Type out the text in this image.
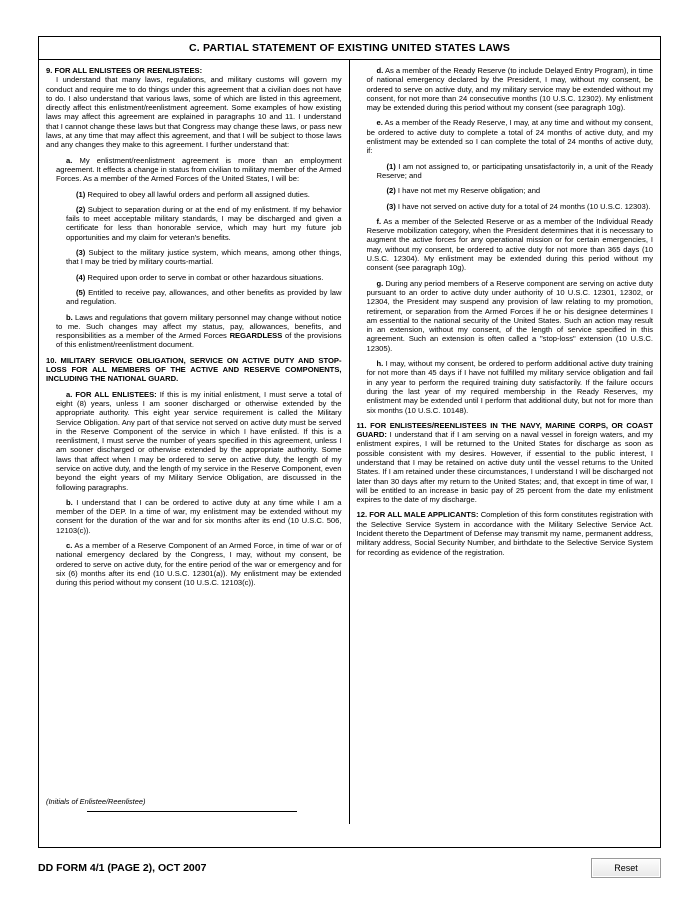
C. PARTIAL STATEMENT OF EXISTING UNITED STATES LAWS

9. FOR ALL ENLISTEES OR REENLISTEES:

I understand that many laws, regulations, and military customs will govern my conduct and require me to do things under this agreement that a civilian does not have to do. I also understand that various laws, some of which are listed in this agreement, directly affect this enlistment/reenlistment agreement. Some examples of how existing laws may affect this agreement are explained in paragraphs 10 and 11. I understand that I cannot change these laws but that Congress may change these laws, or pass new laws, at any time that may affect this agreement, and that I will be subject to those laws and any changes they make to this agreement. I further understand that:

a. My enlistment/reenlistment agreement is more than an employment agreement. It effects a change in status from civilian to military member of the Armed Forces. As a member of the Armed Forces of the United States, I will be:

(1) Required to obey all lawful orders and perform all assigned duties.

(2) Subject to separation during or at the end of my enlistment. If my behavior fails to meet acceptable military standards, I may be discharged and given a certificate for less than honorable service, which may hurt my future job opportunities and my claim for veteran's benefits.

(3) Subject to the military justice system, which means, among other things, that I may be tried by military courts-martial.

(4) Required upon order to serve in combat or other hazardous situations.

(5) Entitled to receive pay, allowances, and other benefits as provided by law and regulation.

b. Laws and regulations that govern military personnel may change without notice to me. Such changes may affect my status, pay, allowances, benefits, and responsibilities as a member of the Armed Forces REGARDLESS of the provisions of this enlistment/reenlistment document.

10. MILITARY SERVICE OBLIGATION, SERVICE ON ACTIVE DUTY AND STOP-LOSS FOR ALL MEMBERS OF THE ACTIVE AND RESERVE COMPONENTS, INCLUDING THE NATIONAL GUARD.

a. FOR ALL ENLISTEES: If this is my initial enlistment, I must serve a total of eight (8) years, unless I am sooner discharged or otherwise extended by the appropriate authority. This eight year service requirement is called the Military Service Obligation. Any part of that service not served on active duty must be served in the Reserve Component of the service in which I have enlisted. If this is a reenlistment, I must serve the number of years specified in this agreement, unless I am sooner discharged or otherwise extended by the appropriate authority. Some laws that affect when I may be ordered to serve on active duty, the length of my service on active duty, and the length of my service in the Reserve Component, even beyond the eight years of my Military Service Obligation, are discussed in the following paragraphs.

b. I understand that I can be ordered to active duty at any time while I am a member of the DEP. In a time of war, my enlistment may be extended without my consent for the duration of the war and for six months after its end (10 U.S.C. 506, 12103(c)).

c. As a member of a Reserve Component of an Armed Force, in time of war or of national emergency declared by the Congress, I may, without my consent, be ordered to serve on active duty, for the entire period of the war or emergency and for six (6) months after its end (10 U.S.C. 12301(a)). My enlistment may be extended during this period without my consent (10 U.S.C. 12103(c)).

(Initials of Enlistee/Reenlistee)

d. As a member of the Ready Reserve (to include Delayed Entry Program), in time of national emergency declared by the President, I may, without my consent, be ordered to serve on active duty, and my military service may be extended without my consent, for not more than 24 consecutive months (10 U.S.C. 12302). My enlistment may be extended during this period without my consent (see paragraph 10g).

e. As a member of the Ready Reserve, I may, at any time and without my consent, be ordered to active duty to complete a total of 24 months of active duty, and my enlistment may be extended so I can complete the total of 24 months of active duty, if:

(1) I am not assigned to, or participating unsatisfactorily in, a unit of the Ready Reserve; and

(2) I have not met my Reserve obligation; and

(3) I have not served on active duty for a total of 24 months (10 U.S.C. 12303).

f. As a member of the Selected Reserve or as a member of the Individual Ready Reserve mobilization category, when the President determines that it is necessary to augment the active forces for any operational mission or for certain emergencies, I may, without my consent, be ordered to active duty for not more than 365 days (10 U.S.C. 12304). My enlistment may be extended during this period without my consent (see paragraph 10g).

g. During any period members of a Reserve component are serving on active duty pursuant to an order to active duty under authority of 10 U.S.C. 12301, 12302, or 12304, the President may suspend any provision of law relating to my promotion, retirement, or separation from the Armed Forces if he or his designee determines I am essential to the national security of the United States. Such an action may result in an extension, without my consent, of the length of service specified in this agreement. Such an extension is often called a "stop-loss" extension (10 U.S.C. 12305).

h. I may, without my consent, be ordered to perform additional active duty training for not more than 45 days if I have not fulfilled my military service obligation and fail in any year to perform the required training duty satisfactorily. If the failure occurs during the last year of my required membership in the Ready Reserves, my enlistment may be extended until I perform that additional duty, but not for more than six months (10 U.S.C. 10148).

11. FOR ENLISTEES/REENLISTEES IN THE NAVY, MARINE CORPS, OR COAST GUARD: I understand that if I am serving on a naval vessel in foreign waters, and my enlistment expires, I will be returned to the United States for discharge as soon as possible consistent with my desires. However, if essential to the public interest, I understand that I may be retained on active duty until the vessel returns to the United States. If I am retained under these circumstances, I understand I will be discharged not later than 30 days after my return to the United States; and, that except in time of war, I will be entitled to an increase in basic pay of 25 percent from the date my enlistment expires to the date of my discharge.

12. FOR ALL MALE APPLICANTS: Completion of this form constitutes registration with the Selective Service System in accordance with the Military Selective Service Act. Incident thereto the Department of Defense may transmit my name, permanent address, military address, Social Security Number, and birthdate to the Selective Service System for recording as evidence of the registration.

DD FORM 4/1 (PAGE 2), OCT 2007	Reset
